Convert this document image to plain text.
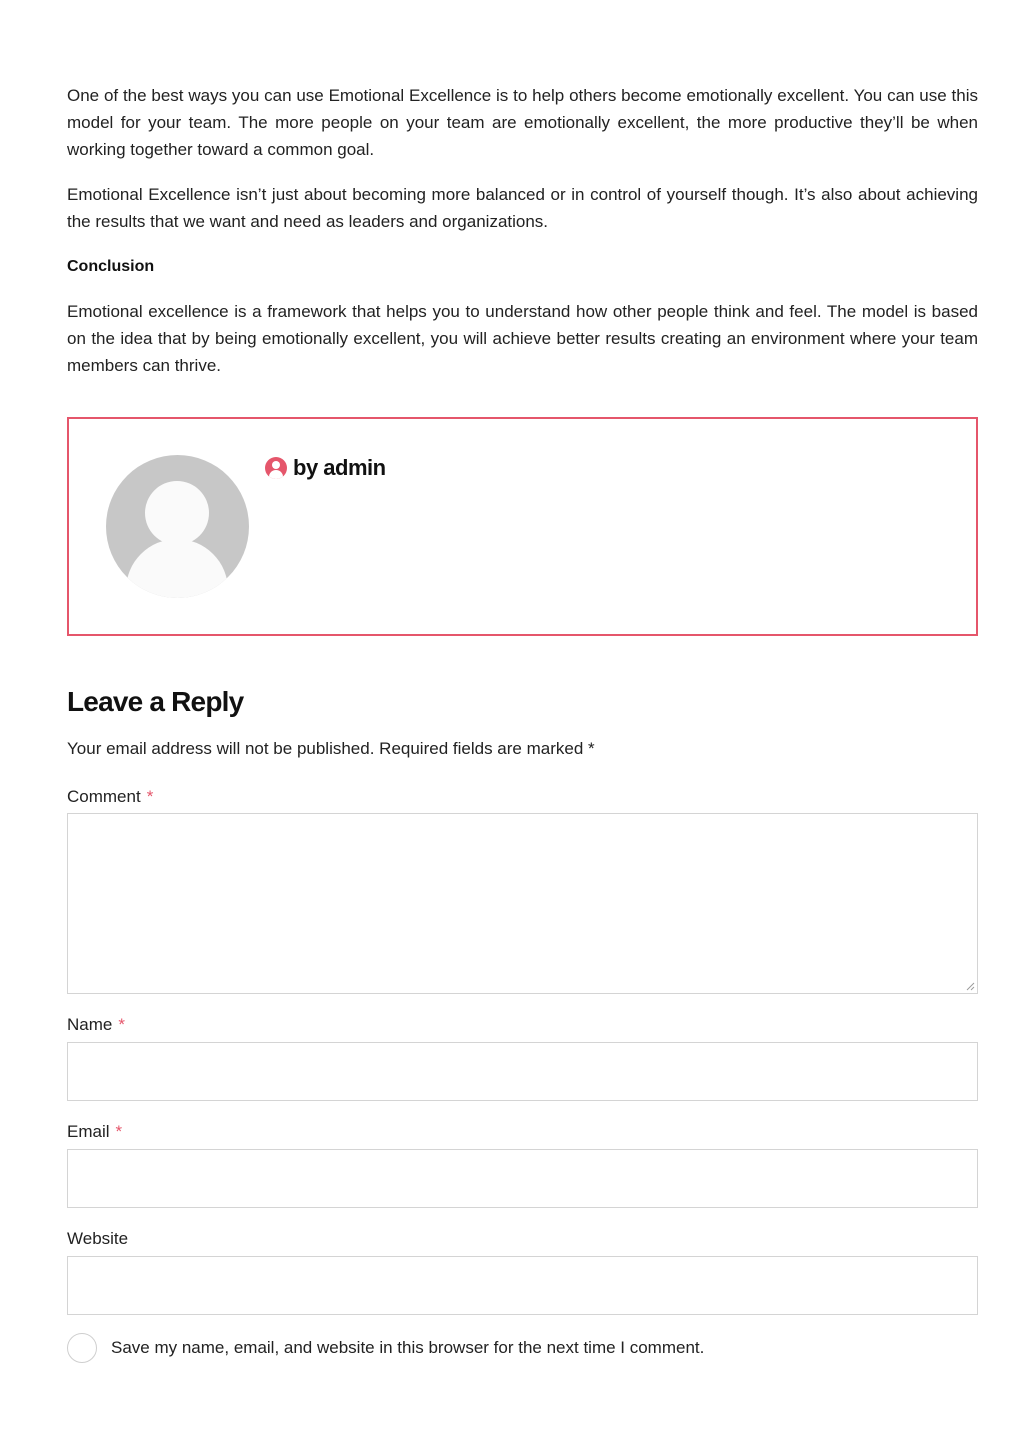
One of the best ways you can use Emotional Excellence is to help others become emotionally excellent. You can use this model for your team. The more people on your team are emotionally excellent, the more productive they’ll be when working together toward a common goal.

Emotional Excellence isn’t just about becoming more balanced or in control of yourself though. It’s also about achieving the results that we want and need as leaders and organizations.

Conclusion

Emotional excellence is a framework that helps you to understand how other people think and feel. The model is based on the idea that by being emotionally excellent, you will achieve better results creating an environment where your team members can thrive.

by admin
Leave a Reply
Your email address will not be published. Required fields are marked *
Comment *
Name *
Email *
Website
Save my name, email, and website in this browser for the next time I comment.
